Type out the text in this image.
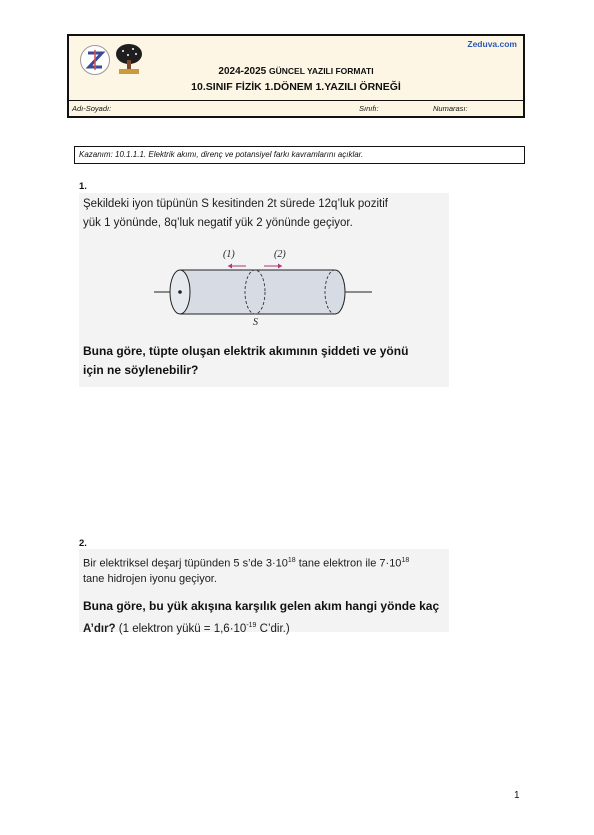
Zeduva.com
2024-2025 GÜNCEL YAZILI FORMATI
10.SINIF FİZİK 1.DÖNEM 1.YAZILI ÖRNEĞİ
Adı-Soyadı:	Sınıfı:	Numarası:
Kazanım: 10.1.1.1. Elektrik akımı, direnç ve potansiyel farkı kavramlarını açıklar.
1.
Şekildeki iyon tüpünün S kesitinden 2t sürede 12q’luk pozitif
yük 1 yönünde, 8q’luk negatif yük 2 yönünde geçiyor.
(1)	(2)
S
Buna göre, tüpte oluşan elektrik akımının şiddeti ve yönü
için ne söylenebilir?
2.
Bir elektriksel deşarj tüpünden 5 s’de $3\cdot 10^{18}$ tane elektron ile $7\cdot 10^{18}$
tane hidrojen iyonu geçiyor.
Buna göre, bu yük akışına karşılık gelen akım hangi yönde kaç
A’dır? (1 elektron yükü = $1,6\cdot 10^{-19}$ C’dir.)
1
